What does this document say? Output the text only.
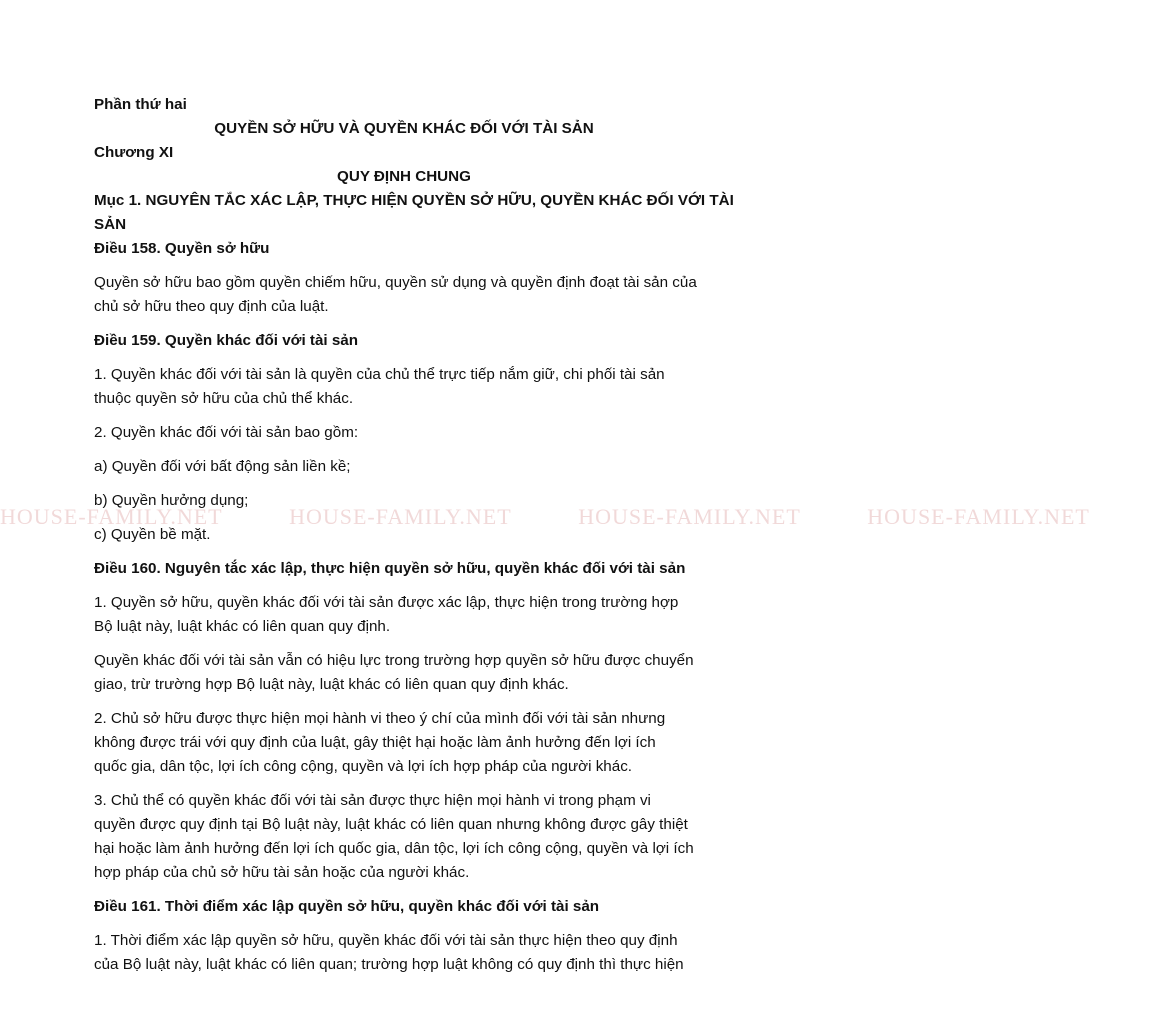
HOUSE-FAMILY.NET	HOUSE-FAMILY.NET	HOUSE-FAMILY.NET	HOUSE-FAMILY.NET
Phần thứ hai
QUYỀN SỞ HỮU VÀ QUYỀN KHÁC ĐỐI VỚI TÀI SẢN
Chương XI
QUY ĐỊNH CHUNG
Mục 1. NGUYÊN TẮC XÁC LẬP, THỰC HIỆN QUYỀN SỞ HỮU, QUYỀN KHÁC ĐỐI VỚI TÀI
SẢN
Điều 158. Quyền sở hữu
Quyền sở hữu bao gồm quyền chiếm hữu, quyền sử dụng và quyền định đoạt tài sản của
chủ sở hữu theo quy định của luật.
Điều 159. Quyền khác đối với tài sản
1. Quyền khác đối với tài sản là quyền của chủ thể trực tiếp nắm giữ, chi phối tài sản
thuộc quyền sở hữu của chủ thể khác.
2. Quyền khác đối với tài sản bao gồm:
a) Quyền đối với bất động sản liền kề;
b) Quyền hưởng dụng;
c) Quyền bề mặt.
Điều 160. Nguyên tắc xác lập, thực hiện quyền sở hữu, quyền khác đối với tài sản
1. Quyền sở hữu, quyền khác đối với tài sản được xác lập, thực hiện trong trường hợp
Bộ luật này, luật khác có liên quan quy định.
Quyền khác đối với tài sản vẫn có hiệu lực trong trường hợp quyền sở hữu được chuyển
giao, trừ trường hợp Bộ luật này, luật khác có liên quan quy định khác.
2. Chủ sở hữu được thực hiện mọi hành vi theo ý chí của mình đối với tài sản nhưng
không được trái với quy định của luật, gây thiệt hại hoặc làm ảnh hưởng đến lợi ích
quốc gia, dân tộc, lợi ích công cộng, quyền và lợi ích hợp pháp của người khác.
3. Chủ thể có quyền khác đối với tài sản được thực hiện mọi hành vi trong phạm vi
quyền được quy định tại Bộ luật này, luật khác có liên quan nhưng không được gây thiệt
hại hoặc làm ảnh hưởng đến lợi ích quốc gia, dân tộc, lợi ích công cộng, quyền và lợi ích
hợp pháp của chủ sở hữu tài sản hoặc của người khác.
Điều 161. Thời điểm xác lập quyền sở hữu, quyền khác đối với tài sản
1. Thời điểm xác lập quyền sở hữu, quyền khác đối với tài sản thực hiện theo quy định
của Bộ luật này, luật khác có liên quan; trường hợp luật không có quy định thì thực hiện
